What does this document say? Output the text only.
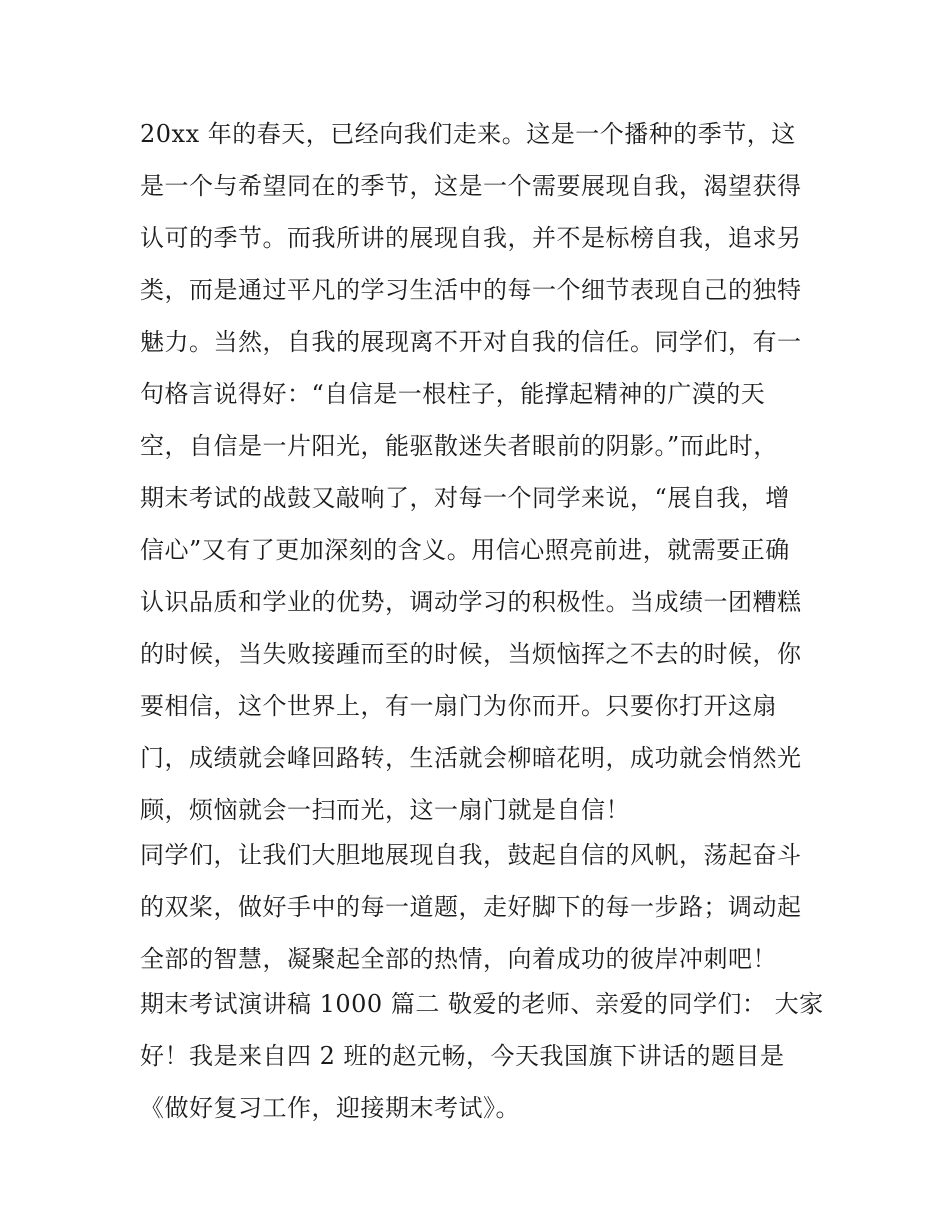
20xx 年的春天，已经向我们走来。这是一个播种的季节，这
是一个与希望同在的季节，这是一个需要展现自我，渴望获得
认可的季节。而我所讲的展现自我，并不是标榜自我，追求另
类，而是通过平凡的学习生活中的每一个细节表现自己的独特
魅力。当然，自我的展现离不开对自我的信任。同学们，有一
句格言说得好：“自信是一根柱子，能撑起精神的广漠的天
空，自信是一片阳光，能驱散迷失者眼前的阴影。”而此时，
期末考试的战鼓又敲响了，对每一个同学来说，“展自我，增
信心”又有了更加深刻的含义。用信心照亮前进，就需要正确
认识品质和学业的优势，调动学习的积极性。当成绩一团糟糕
的时候，当失败接踵而至的时候，当烦恼挥之不去的时候，你
要相信，这个世界上，有一扇门为你而开。只要你打开这扇
门，成绩就会峰回路转，生活就会柳暗花明，成功就会悄然光
顾，烦恼就会一扫而光，这一扇门就是自信！
同学们，让我们大胆地展现自我，鼓起自信的风帆，荡起奋斗
的双桨，做好手中的每一道题，走好脚下的每一步路；调动起
全部的智慧，凝聚起全部的热情，向着成功的彼岸冲刺吧！
期末考试演讲稿 1000 篇二 敬爱的老师、亲爱的同学们： 大家
好！我是来自四 2 班的赵元畅，今天我国旗下讲话的题目是
《做好复习工作，迎接期末考试》。
